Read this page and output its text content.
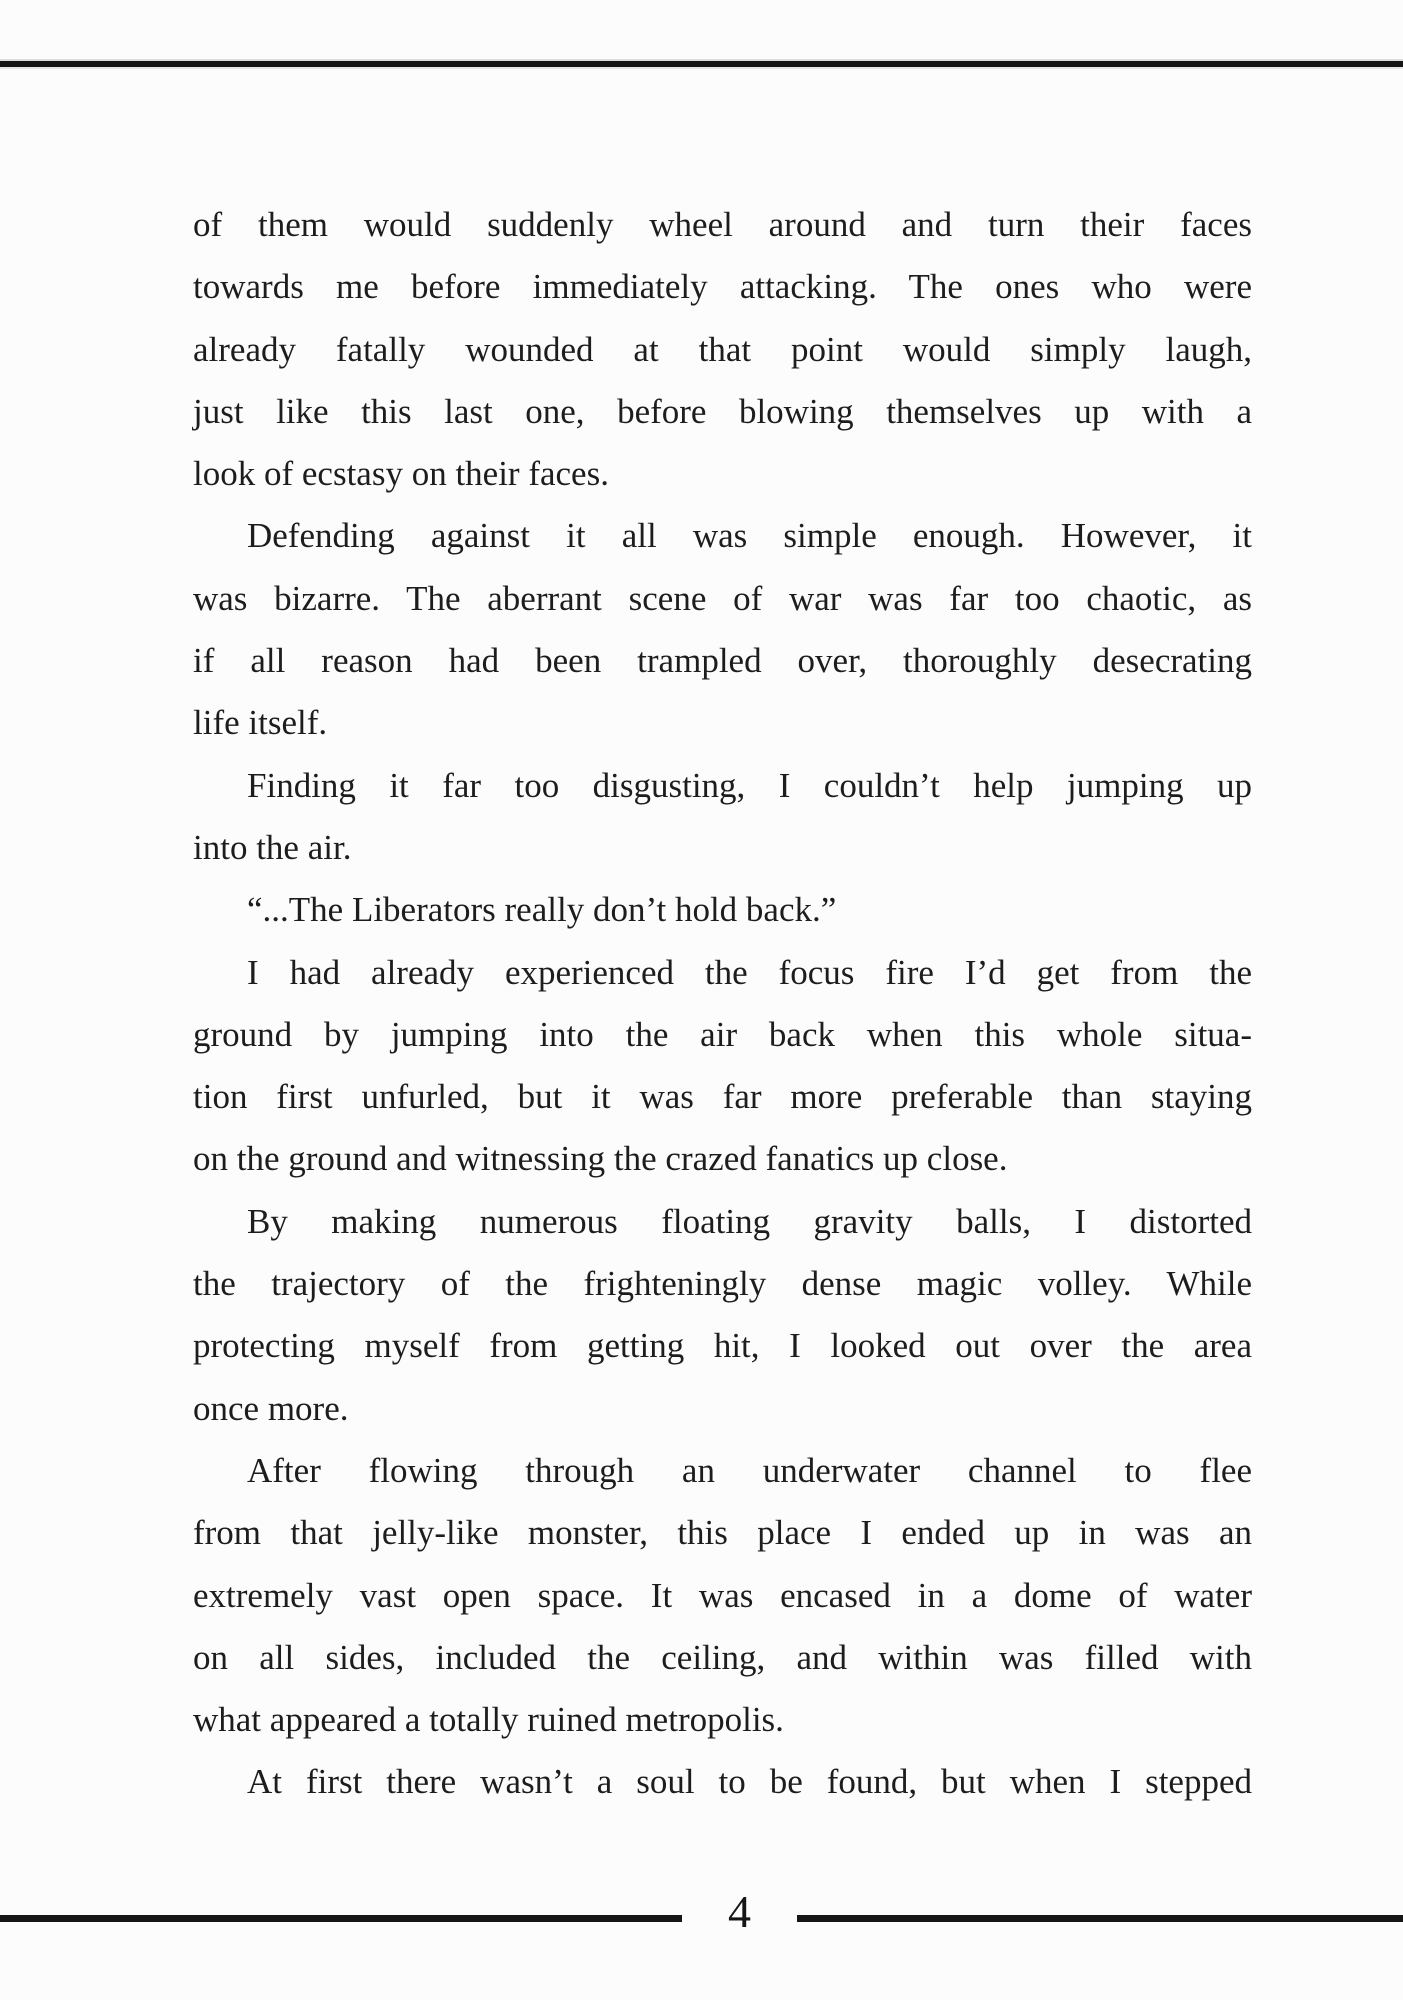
of them would suddenly wheel around and turn their faces
towards me before immediately attacking. The ones who were
already fatally wounded at that point would simply laugh,
just like this last one, before blowing themselves up with a
look of ecstasy on their faces.
Defending against it all was simple enough. However, it
was bizarre. The aberrant scene of war was far too chaotic, as
if all reason had been trampled over, thoroughly desecrating
life itself.
Finding it far too disgusting, I couldn’t help jumping up
into the air.
“...The Liberators really don’t hold back.”
I had already experienced the focus fire I’d get from the
ground by jumping into the air back when this whole situa-
tion first unfurled, but it was far more preferable than staying
on the ground and witnessing the crazed fanatics up close.
By making numerous floating gravity balls, I distorted
the trajectory of the frighteningly dense magic volley. While
protecting myself from getting hit, I looked out over the area
once more.
After flowing through an underwater channel to flee
from that jelly-like monster, this place I ended up in was an
extremely vast open space. It was encased in a dome of water
on all sides, included the ceiling, and within was filled with
what appeared a totally ruined metropolis.
At first there wasn’t a soul to be found, but when I stepped
4
